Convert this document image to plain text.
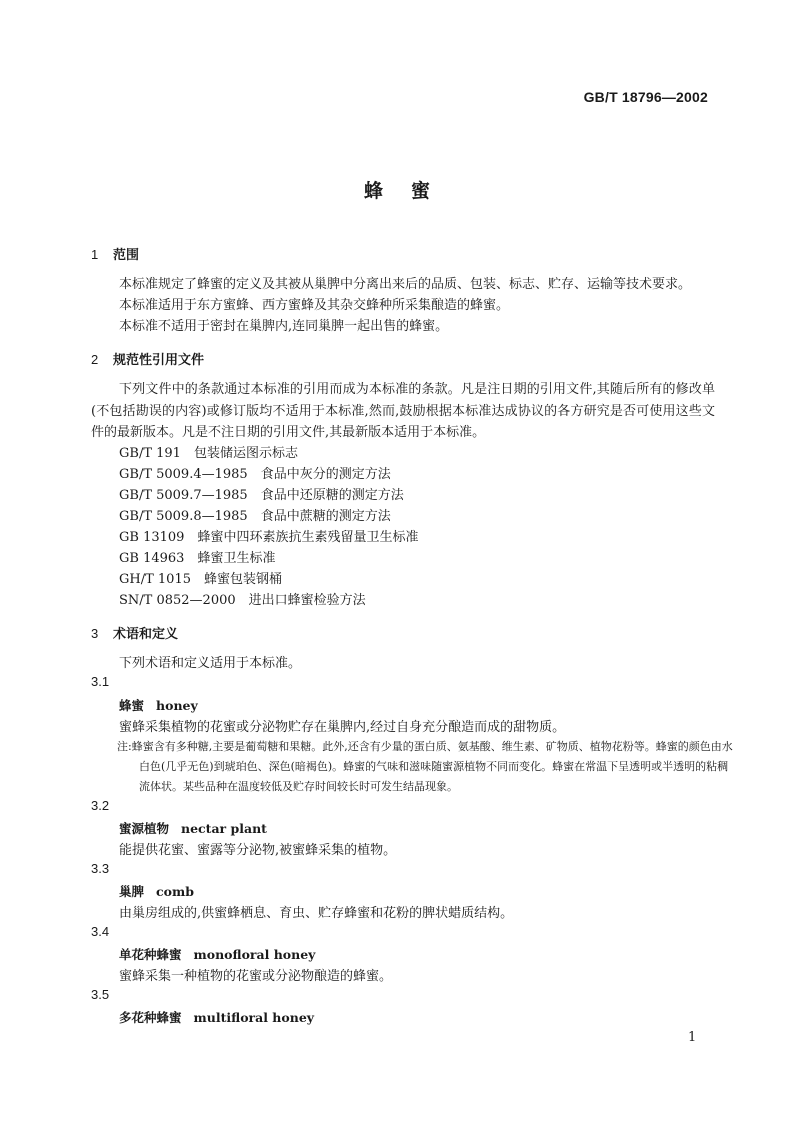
GB/T 18796—2002
蜂蜜
1 范围
本标准规定了蜂蜜的定义及其被从巢脾中分离出来后的品质、包装、标志、贮存、运输等技术要求。
本标准适用于东方蜜蜂、西方蜜蜂及其杂交蜂种所采集酿造的蜂蜜。
本标准不适用于密封在巢脾内,连同巢脾一起出售的蜂蜜。
2 规范性引用文件
下列文件中的条款通过本标准的引用而成为本标准的条款。凡是注日期的引用文件,其随后所有的修改单(不包括勘误的内容)或修订版均不适用于本标准,然而,鼓励根据本标准达成协议的各方研究是否可使用这些文件的最新版本。凡是不注日期的引用文件,其最新版本适用于本标准。
GB/T 191 包装储运图示标志
GB/T 5009.4—1985 食品中灰分的测定方法
GB/T 5009.7—1985 食品中还原糖的测定方法
GB/T 5009.8—1985 食品中蔗糖的测定方法
GB 13109 蜂蜜中四环素族抗生素残留量卫生标准
GB 14963 蜂蜜卫生标准
GH/T 1015 蜂蜜包装钢桶
SN/T 0852—2000 进出口蜂蜜检验方法
3 术语和定义
下列术语和定义适用于本标准。
3.1
蜂蜜 honey
蜜蜂采集植物的花蜜或分泌物贮存在巢脾内,经过自身充分酿造而成的甜物质。
注:蜂蜜含有多种糖,主要是葡萄糖和果糖。此外,还含有少量的蛋白质、氨基酸、维生素、矿物质、植物花粉等。蜂蜜的颜色由水白色(几乎无色)到琥珀色、深色(暗褐色)。蜂蜜的气味和滋味随蜜源植物不同而变化。蜂蜜在常温下呈透明或半透明的粘稠流体状。某些品种在温度较低及贮存时间较长时可发生结晶现象。
3.2
蜜源植物 nectar plant
能提供花蜜、蜜露等分泌物,被蜜蜂采集的植物。
3.3
巢脾 comb
由巢房组成的,供蜜蜂栖息、育虫、贮存蜂蜜和花粉的脾状蜡质结构。
3.4
单花种蜂蜜 monofloral honey
蜜蜂采集一种植物的花蜜或分泌物酿造的蜂蜜。
3.5
多花种蜂蜜 multifloral honey
1
